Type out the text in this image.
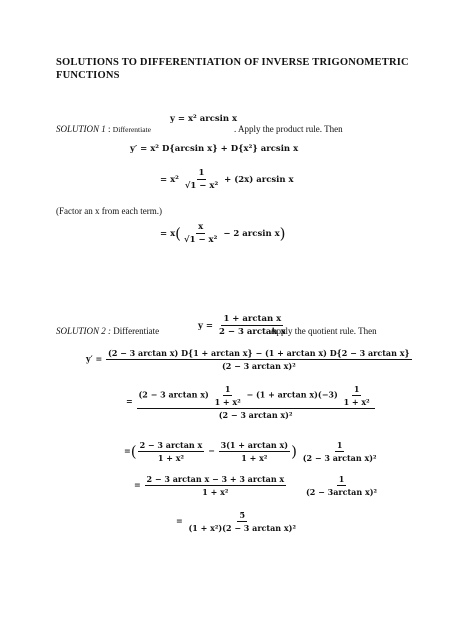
SOLUTIONS TO DIFFERENTIATION OF INVERSE TRIGONOMETRIC FUNCTIONS
SOLUTION 1 : Differentiate
y = x² arcsin x
. Apply the product rule. Then
y′ = x² D{arcsin x} + D{x²} arcsin x
= $x^2 \frac{1}{\text{√1 − x²}} + (2x)$ arcsin x
(Factor an x from each term.)
= $x( \frac{x}{\text{√1 − x²}} - 2$ arcsin x)
SOLUTION 2 : Differentiate	$y = \frac{\text{1 + arctan x}}{\text{2 − 3 arctan x}}$
. Apply the quotient rule. Then
y′ =
(2 − 3 arctan x) D{1 + arctan x} − (1 + arctan x) D{2 − 3 arctan x}
(2 − 3 arctan x)²
=
(2 − 3 $\arctan x) \frac{1}{\text{1 + x²}} - (1 + \arctan x)(-3) \frac{1}{\text{1 + x²}}$
(2 − 3 arctan x)²
=( $\frac{\text{2 − 3 arctan x}}{\text{1 + x²}} - \frac{\text{3(1 + arctan x)}}{\text{1 + x²}}$ ) $\frac{1}{\text{(2 − 3 arctan x)²}}$
= $\frac{\text{2 − 3 arctan x − 3 + 3 arctan x}}{\text{1 + x²}}$
$\frac{1}{\text{(2 − 3arctan x)²}}$
= $\frac{5}{\text{(1 + x²)(2 − 3 arctan x)²}}$
